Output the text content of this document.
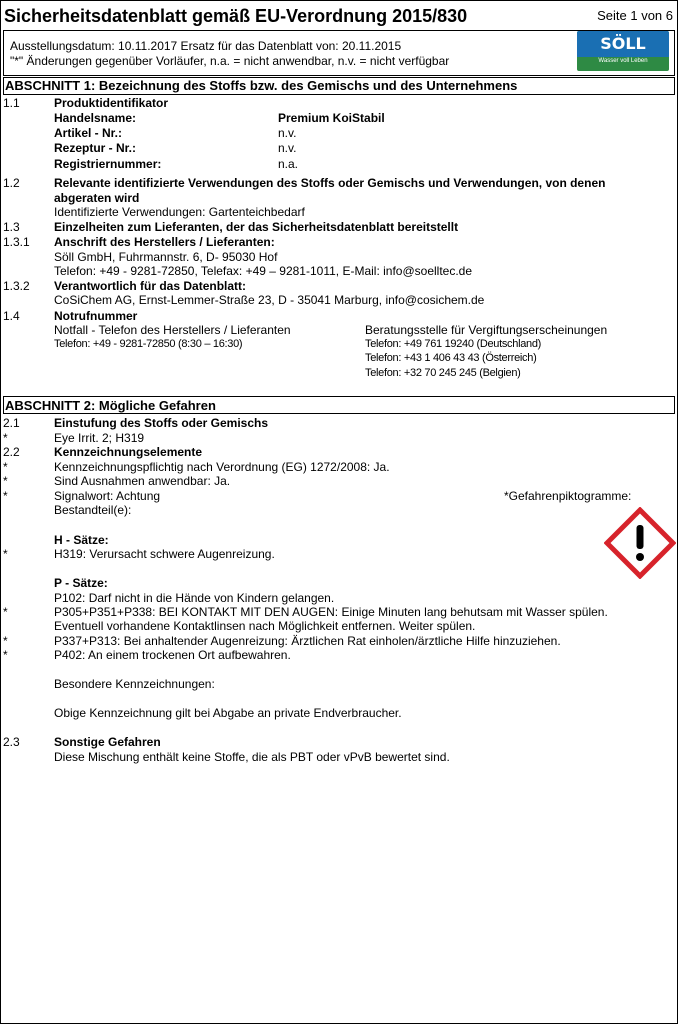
Sicherheitsdatenblatt gemäß EU-Verordnung 2015/830	Seite 1 von 6
Ausstellungsdatum: 10.11.2017 Ersatz für das Datenblatt von: 20.11.2015
"*" Änderungen gegenüber Vorläufer, n.a. = nicht anwendbar, n.v. = nicht verfügbar
SÖLL
Wasser voll Leben
ABSCHNITT 1: Bezeichnung des Stoffs bzw. des Gemischs und des Unternehmens
1.1	Produktidentifikator
Handelsname:	Premium KoiStabil
Artikel - Nr.:	n.v.
Rezeptur - Nr.:	n.v.
Registriernummer:	n.a.
1.2	Relevante identifizierte Verwendungen des Stoffs oder Gemischs und Verwendungen, von denen
abgeraten wird
Identifizierte Verwendungen: Gartenteichbedarf
1.3	Einzelheiten zum Lieferanten, der das Sicherheitsdatenblatt bereitstellt
1.3.1 Anschrift des Herstellers / Lieferanten:
Söll GmbH, Fuhrmannstr. 6, D- 95030 Hof
Telefon: +49 - 9281-72850, Telefax: +49 – 9281-1011, E-Mail: info@soelltec.de
1.3.2 Verantwortlich für das Datenblatt:
CoSiChem AG, Ernst-Lemmer-Straße 23, D - 35041 Marburg, info@cosichem.de
1.4	Notrufnummer
Notfall - Telefon des Herstellers / Lieferanten
Telefon: +49 - 9281-72850 (8:30 – 16:30)
Beratungsstelle für Vergiftungserscheinungen
Telefon: +49 761 19240 (Deutschland)
Telefon: +43 1 406 43 43 (Österreich)
Telefon: +32 70 245 245 (Belgien)
ABSCHNITT 2: Mögliche Gefahren
2.1	Einstufung des Stoffs oder Gemischs
*	Eye Irrit. 2; H319
2.2	Kennzeichnungselemente
*	Kennzeichnungspflichtig nach Verordnung (EG) 1272/2008: Ja.
*	Sind Ausnahmen anwendbar: Ja.
*	Signalwort: Achtung	*Gefahrenpiktogramme:
Bestandteil(e):
H - Sätze:
*	H319: Verursacht schwere Augenreizung.
P - Sätze:
P102: Darf nicht in die Hände von Kindern gelangen.
*	P305+P351+P338: BEI KONTAKT MIT DEN AUGEN: Einige Minuten lang behutsam mit Wasser spülen.
Eventuell vorhandene Kontaktlinsen nach Möglichkeit entfernen. Weiter spülen.
*	P337+P313: Bei anhaltender Augenreizung: Ärztlichen Rat einholen/ärztliche Hilfe hinzuziehen.
*	P402: An einem trockenen Ort aufbewahren.
Besondere Kennzeichnungen:
Obige Kennzeichnung gilt bei Abgabe an private Endverbraucher.
2.3	Sonstige Gefahren
Diese Mischung enthält keine Stoffe, die als PBT oder vPvB bewertet sind.
